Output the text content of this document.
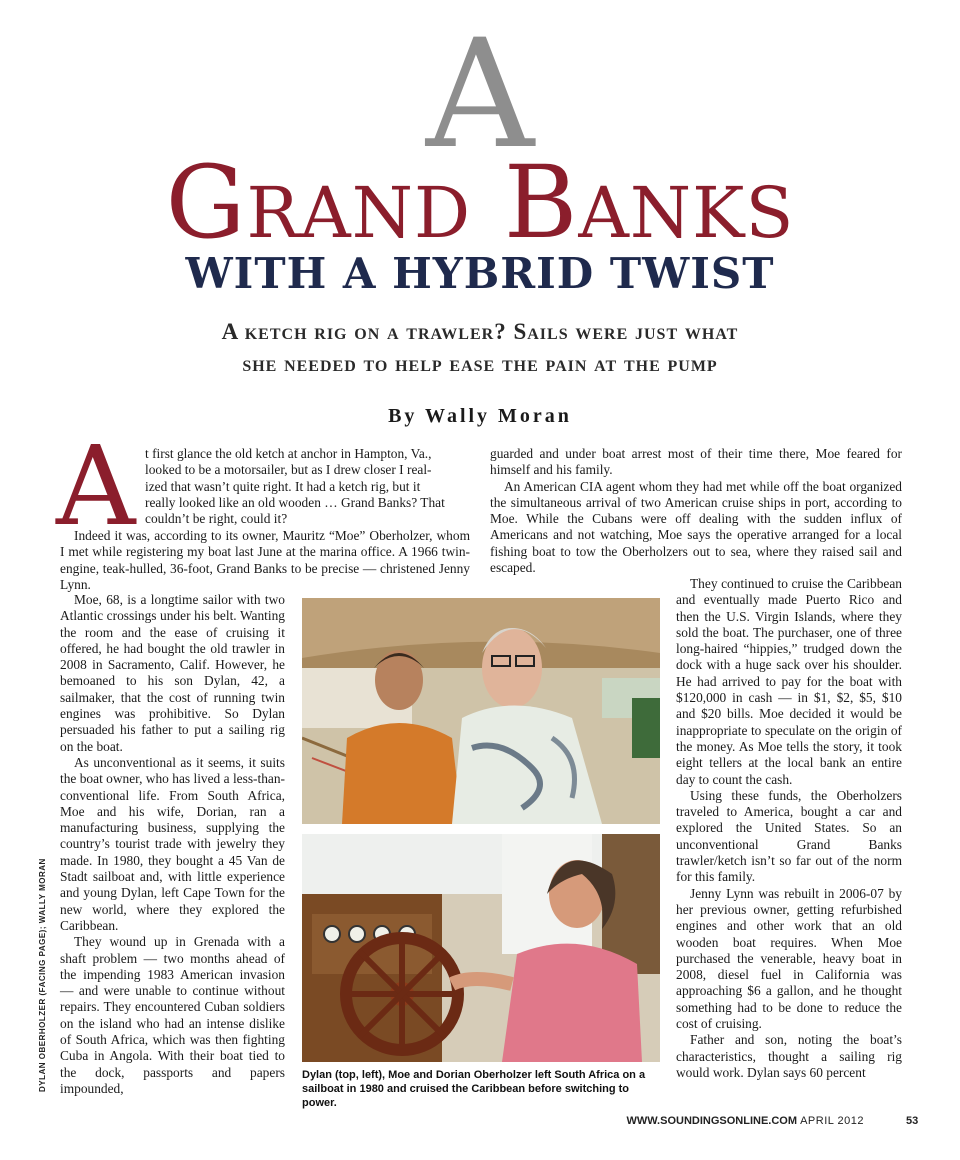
A
Grand Banks
WITH A HYBRID TWIST
A ketch rig on a trawler? Sails were just what
she needed to help ease the pain at the pump
By Wally Moran
A t first glance the old ketch at anchor in Hampton, Va.,
looked to be a motorsailer, but as I drew closer I real-
ized that wasn’t quite right. It had a ketch rig, but it
really looked like an old wooden … Grand Banks? That
couldn’t be right, could it?

Indeed it was, according to its owner, Mauritz “Moe” Oberholzer, whom I met while registering my boat last June at the marina office. A 1966 twin-engine, teak-hulled, 36-foot, Grand Banks to be precise — christened Jenny Lynn.

Moe, 68, is a longtime sailor with two Atlantic crossings under his belt. Wanting the room and the ease of cruising it offered, he had bought the old trawler in 2008 in Sacramento, Calif. However, he bemoaned to his son Dylan, 42, a sailmaker, that the cost of running twin engines was prohibitive. So Dylan persuaded his father to put a sailing rig on the boat.

As unconventional as it seems, it suits the boat owner, who has lived a less-than-conventional life. From South Africa, Moe and his wife, Dorian, ran a manufacturing business, supplying the country’s tourist trade with jewelry they made. In 1980, they bought a 45 Van de Stadt sailboat and, with little experience and young Dylan, left Cape Town for the new world, where they explored the Caribbean.

They wound up in Grenada with a shaft problem — two months ahead of the impending 1983 American invasion — and were unable to continue without repairs. They encountered Cuban soldiers on the island who had an intense dislike of South Africa, which was then fighting Cuba in Angola. With their boat tied to the dock, passports and papers impounded,

guarded and under boat arrest most of their time there, Moe feared for himself and his family.

An American CIA agent whom they had met while off the boat organized the simultaneous arrival of two American cruise ships in port, according to Moe. While the Cubans were off dealing with the sudden influx of Americans and not watching, Moe says the operative arranged for a local fishing boat to tow the Oberholzers out to sea, where they raised sail and escaped.

They continued to cruise the Caribbean and eventually made Puerto Rico and then the U.S. Virgin Islands, where they sold the boat. The purchaser, one of three long-haired “hippies,” trudged down the dock with a huge sack over his shoulder. He had arrived to pay for the boat with $120,000 in cash — in $1, $2, $5, $10 and $20 bills. Moe decided it would be inappropriate to speculate on the origin of the money. As Moe tells the story, it took eight tellers at the local bank an entire day to count the cash.

Using these funds, the Oberholzers traveled to America, bought a car and explored the United States. So an unconventional Grand Banks trawler/ketch isn’t so far out of the norm for this family.

Jenny Lynn was rebuilt in 2006-07 by her previous owner, getting refurbished engines and other work that an old wooden boat requires. When Moe purchased the venerable, heavy boat in 2008, diesel fuel in California was approaching $6 a gallon, and he thought something had to be done to reduce the cost of cruising.

Father and son, noting the boat’s characteristics, thought a sailing rig would work. Dylan says 60 percent

Dylan (top, left), Moe and Dorian Oberholzer left South Africa on a sailboat in 1980 and cruised the Caribbean before switching to power.
DYLAN OBERHOLZER (FACING PAGE); WALLY MORAN
WWW.SOUNDINGSONLINE.COM APRIL 2012	53
